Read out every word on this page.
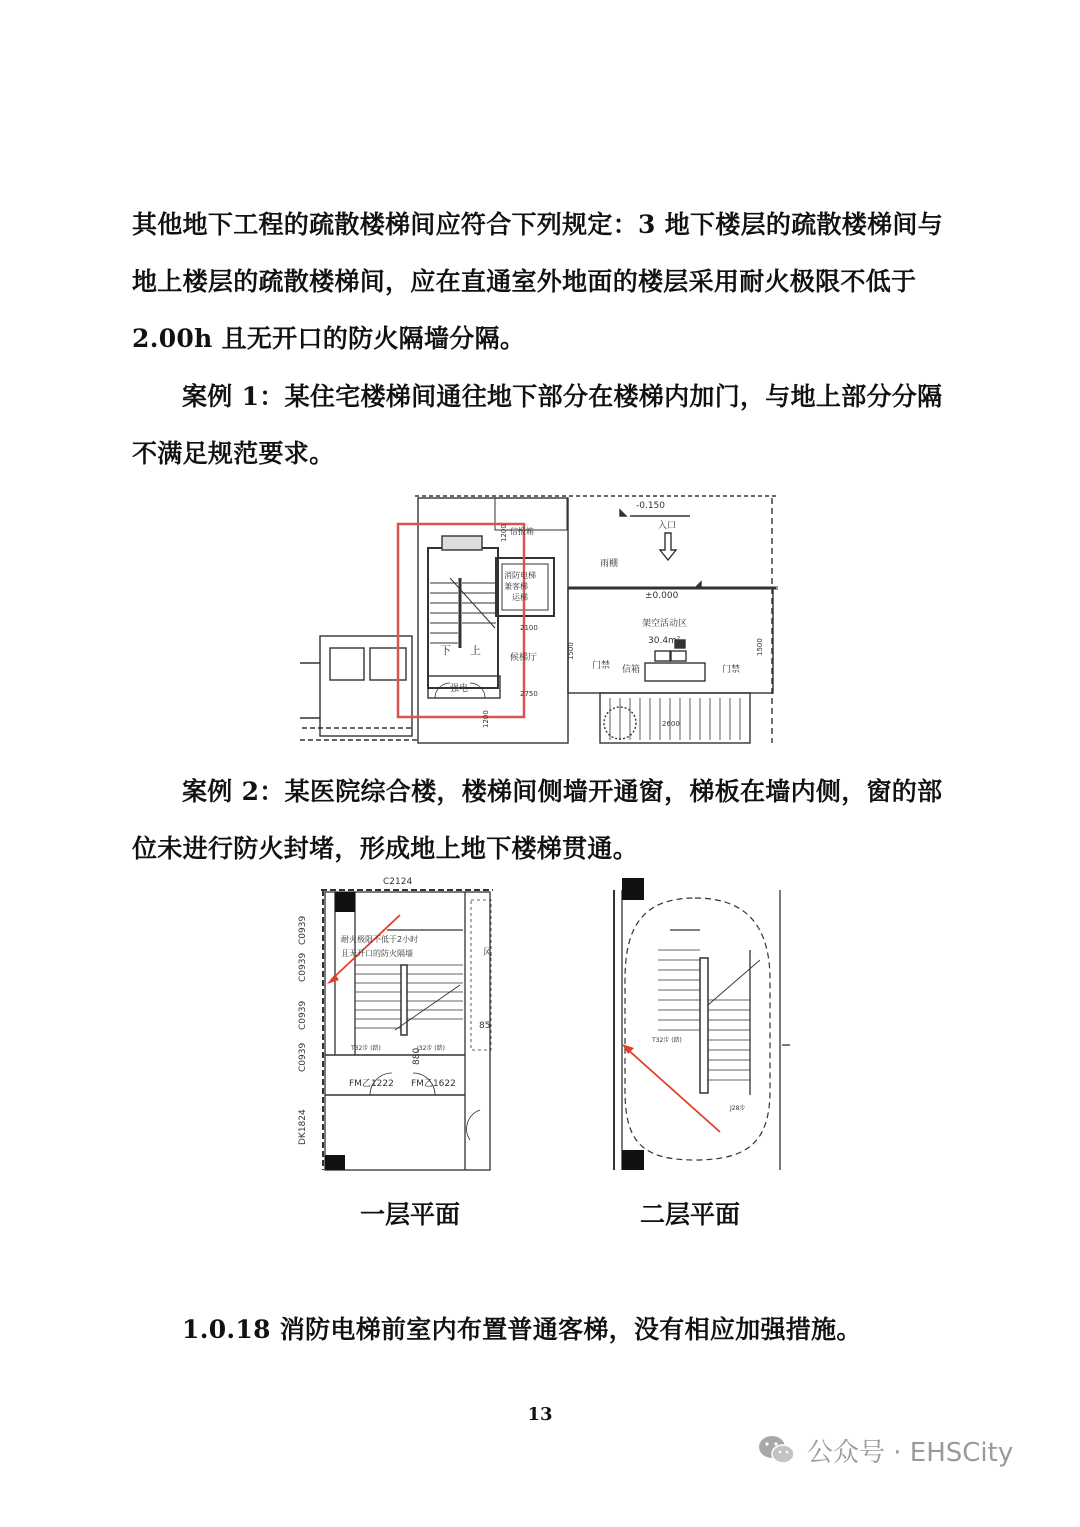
其他地下工程的疏散楼梯间应符合下列规定：3 地下楼层的疏散楼梯间与
地上楼层的疏散楼梯间，应在直通室外地面的楼层采用耐火极限不低于
2.00h 且无开口的防火隔墙分隔。
案例 1：某住宅楼梯间通往地下部分在楼梯内加门，与地上部分分隔
不满足规范要求。
-0.150
入口
消防电梯
兼客梯
运梯
信报箱
雨棚
±0.000
架空活动区
30.4m²
候梯厅
强电
下 上
门禁 信箱	门禁
2100
1500	1500
2750
1200
1200	2600
案例 2：某医院综合楼，楼梯间侧墙开通窗，梯板在墙内侧，窗的部
位未进行防火封堵，形成地上地下楼梯贯通。
C2124
C0939
C0939
C0939
C0939
DK1824
耐火极限不低于2小时
且无开口的防火隔墙
T32步 (踏)	J32步 (踏)
880
FM乙1222 FM乙1622
风
85
T32步 (踏)
J28步
一层平面	二层平面
1.0.18 消防电梯前室内布置普通客梯，没有相应加强措施。
13
公众号 · EHSCity
